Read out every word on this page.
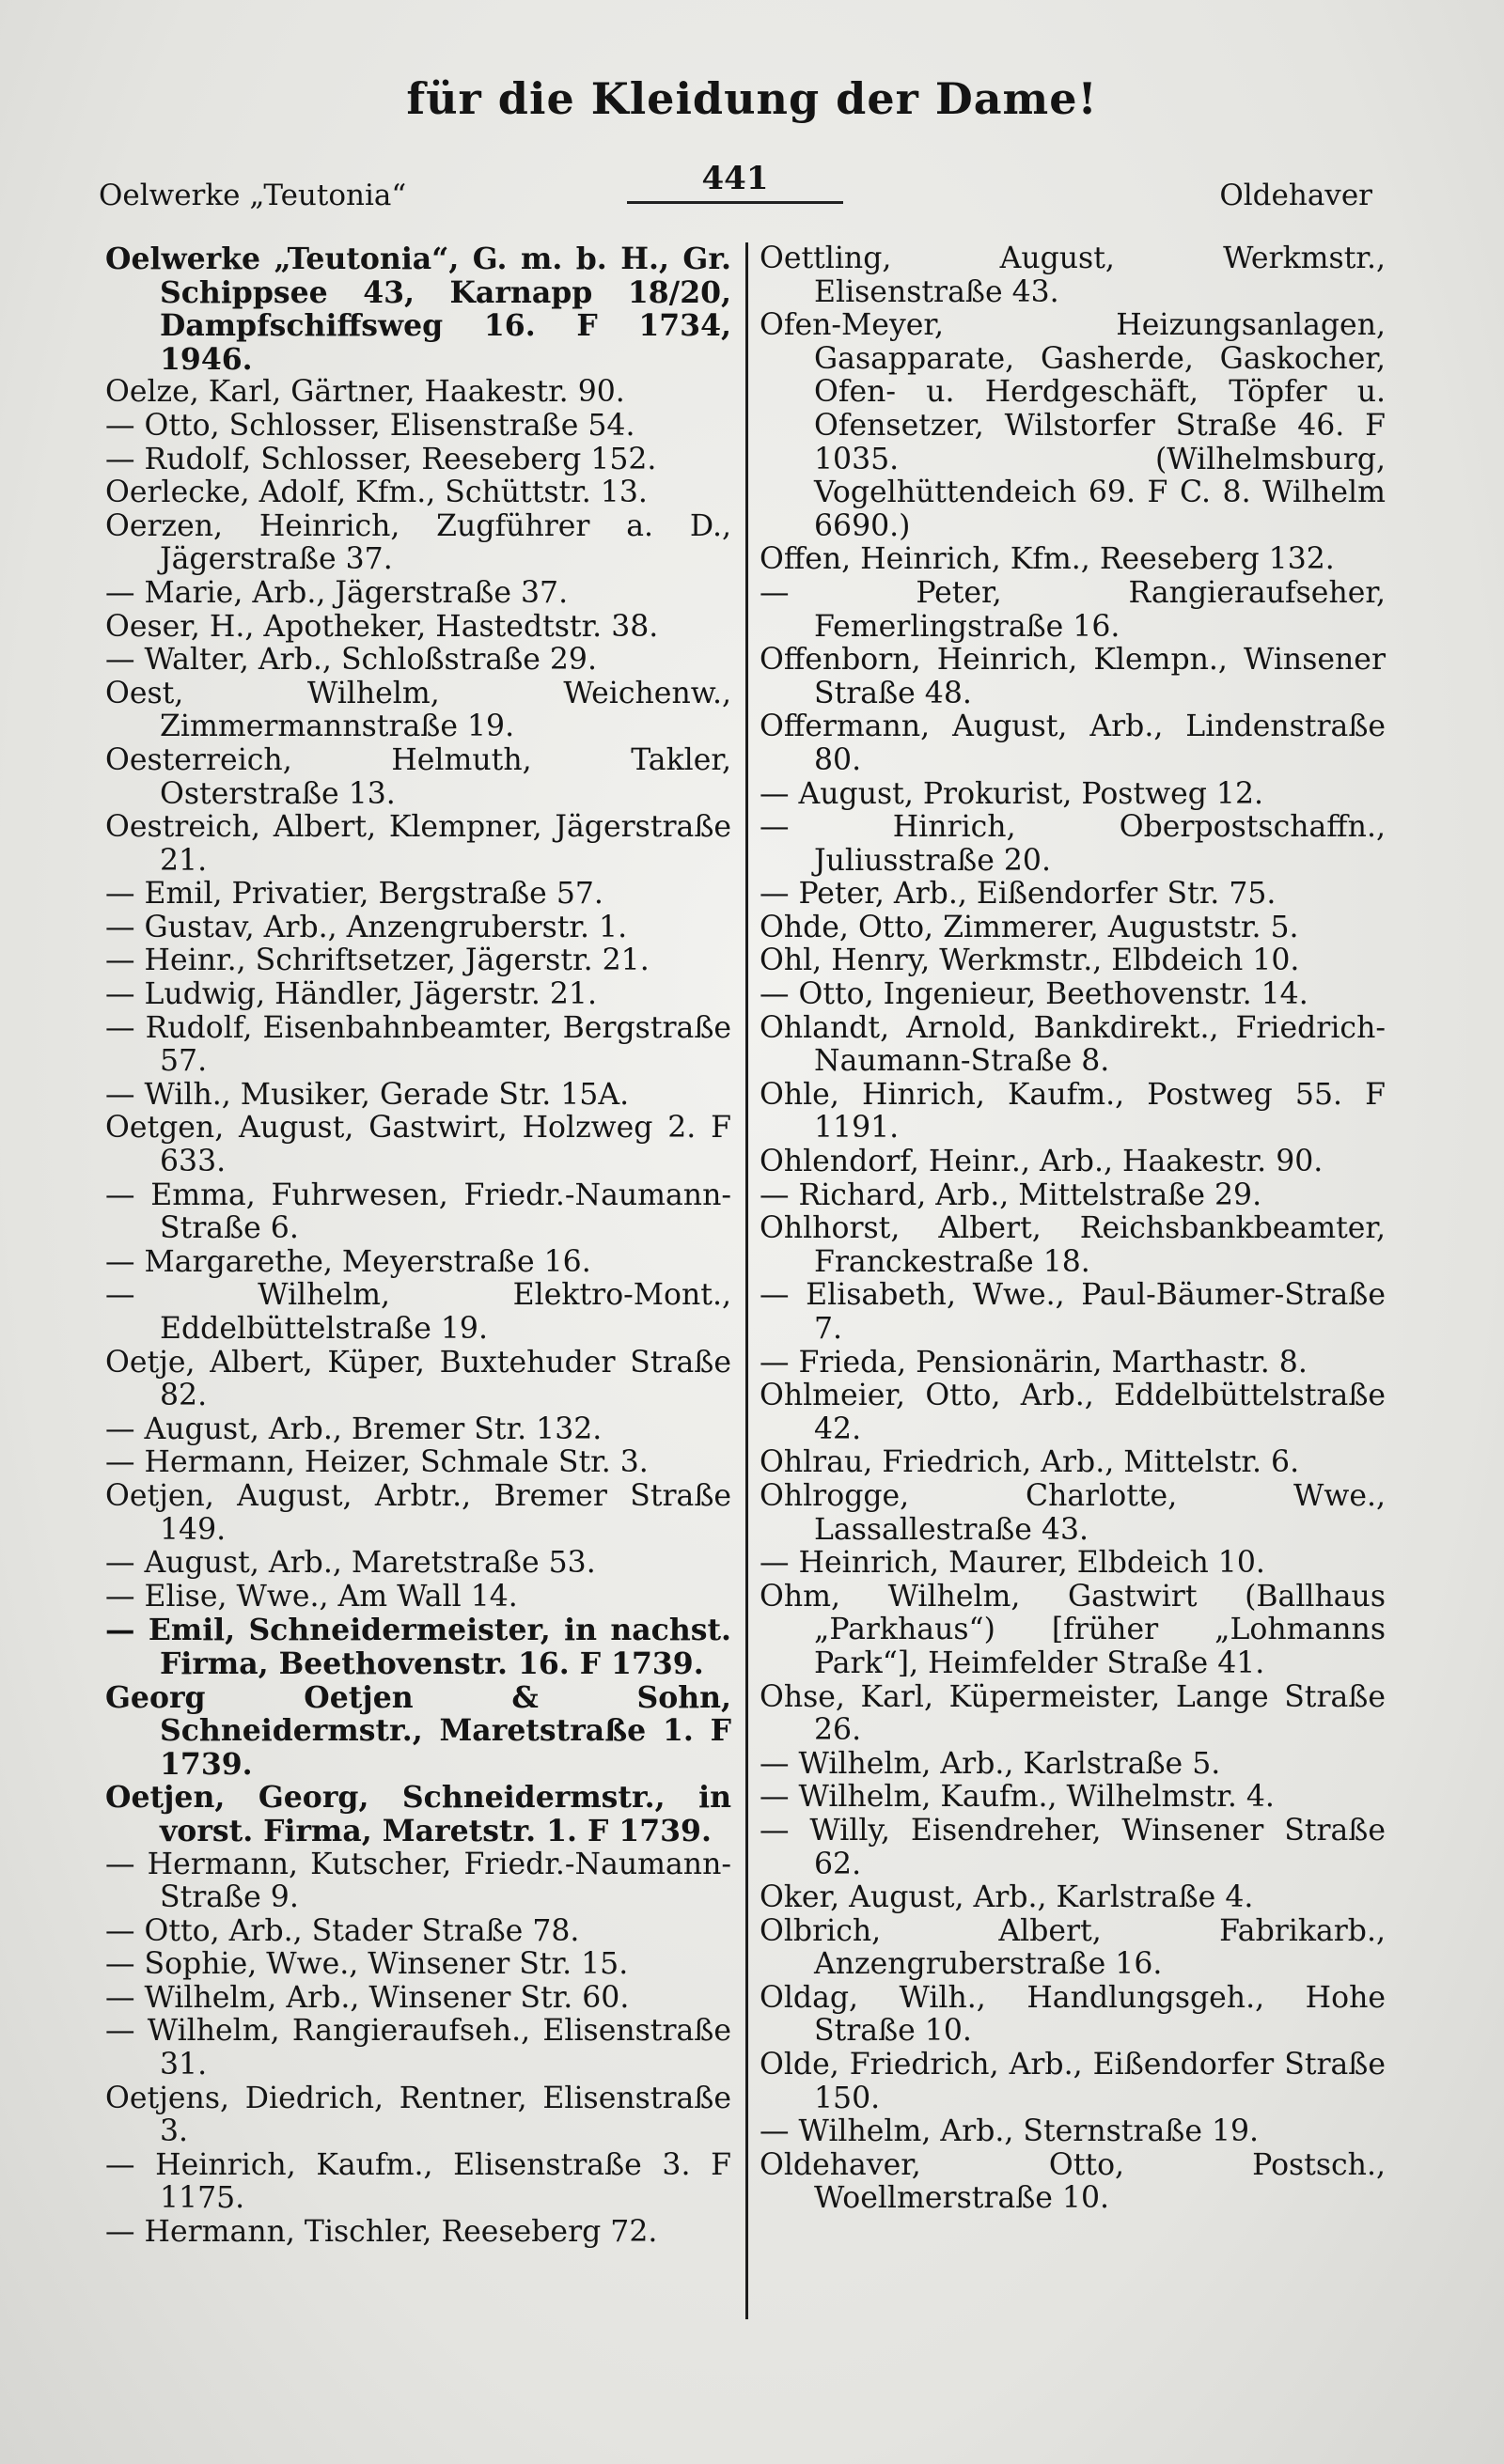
für die Kleidung der Dame!
Oelwerke „Teutonia“	441	Oldehaver

Oelwerke „Teutonia“, G. m. b. H., Gr. Schippsee 43, Karnapp 18/20, Dampfschiffsweg 16. F 1734, 1946.

Oelze, Karl, Gärtner, Haakestr. 90.

— Otto, Schlosser, Elisenstraße 54.

— Rudolf, Schlosser, Reeseberg 152.

Oerlecke, Adolf, Kfm., Schüttstr. 13.

Oerzen, Heinrich, Zugführer a. D., Jägerstraße 37.

— Marie, Arb., Jägerstraße 37.

Oeser, H., Apotheker, Hastedtstr. 38.

— Walter, Arb., Schloßstraße 29.

Oest, Wilhelm, Weichenw., Zimmermannstraße 19.

Oesterreich, Helmuth, Takler, Osterstraße 13.

Oestreich, Albert, Klempner, Jägerstraße 21.

— Emil, Privatier, Bergstraße 57.

— Gustav, Arb., Anzengruberstr. 1.

— Heinr., Schriftsetzer, Jägerstr. 21.

— Ludwig, Händler, Jägerstr. 21.

— Rudolf, Eisenbahnbeamter, Bergstraße 57.

— Wilh., Musiker, Gerade Str. 15A.

Oetgen, August, Gastwirt, Holzweg 2. F 633.

— Emma, Fuhrwesen, Friedr.-Naumann-Straße 6.

— Margarethe, Meyerstraße 16.

— Wilhelm, Elektro-Mont., Eddelbüttelstraße 19.

Oetje, Albert, Küper, Buxtehuder Straße 82.

— August, Arb., Bremer Str. 132.

— Hermann, Heizer, Schmale Str. 3.

Oetjen, August, Arbtr., Bremer Straße 149.

— August, Arb., Maretstraße 53.

— Elise, Wwe., Am Wall 14.

— Emil, Schneidermeister, in nachst. Firma, Beethovenstr. 16. F 1739.

Georg Oetjen & Sohn, Schneidermstr., Maretstraße 1. F 1739.

Oetjen, Georg, Schneidermstr., in vorst. Firma, Maretstr. 1. F 1739.

— Hermann, Kutscher, Friedr.-Naumann-Straße 9.

— Otto, Arb., Stader Straße 78.

— Sophie, Wwe., Winsener Str. 15.

— Wilhelm, Arb., Winsener Str. 60.

— Wilhelm, Rangieraufseh., Elisenstraße 31.

Oetjens, Diedrich, Rentner, Elisenstraße 3.

— Heinrich, Kaufm., Elisenstraße 3. F 1175.

— Hermann, Tischler, Reeseberg 72.

Oettling, August, Werkmstr., Elisenstraße 43.

Ofen-Meyer, Heizungsanlagen, Gasapparate, Gasherde, Gaskocher, Ofen- u. Herdgeschäft, Töpfer u. Ofensetzer, Wilstorfer Straße 46. F 1035. (Wilhelmsburg, Vogelhüttendeich 69. F C. 8. Wilhelm 6690.)

Offen, Heinrich, Kfm., Reeseberg 132.

— Peter, Rangieraufseher, Femerlingstraße 16.

Offenborn, Heinrich, Klempn., Winsener Straße 48.

Offermann, August, Arb., Lindenstraße 80.

— August, Prokurist, Postweg 12.

— Hinrich, Oberpostschaffn., Juliusstraße 20.

— Peter, Arb., Eißendorfer Str. 75.

Ohde, Otto, Zimmerer, Auguststr. 5.

Ohl, Henry, Werkmstr., Elbdeich 10.

— Otto, Ingenieur, Beethovenstr. 14.

Ohlandt, Arnold, Bankdirekt., Friedrich-Naumann-Straße 8.

Ohle, Hinrich, Kaufm., Postweg 55. F 1191.

Ohlendorf, Heinr., Arb., Haakestr. 90.

— Richard, Arb., Mittelstraße 29.

Ohlhorst, Albert, Reichsbankbeamter, Franckestraße 18.

— Elisabeth, Wwe., Paul-Bäumer-Straße 7.

— Frieda, Pensionärin, Marthastr. 8.

Ohlmeier, Otto, Arb., Eddelbüttelstraße 42.

Ohlrau, Friedrich, Arb., Mittelstr. 6.

Ohlrogge, Charlotte, Wwe., Lassallestraße 43.

— Heinrich, Maurer, Elbdeich 10.

Ohm, Wilhelm, Gastwirt (Ballhaus „Parkhaus“) [früher „Lohmanns Park“], Heimfelder Straße 41.

Ohse, Karl, Küpermeister, Lange Straße 26.

— Wilhelm, Arb., Karlstraße 5.

— Wilhelm, Kaufm., Wilhelmstr. 4.

— Willy, Eisendreher, Winsener Straße 62.

Oker, August, Arb., Karlstraße 4.

Olbrich, Albert, Fabrikarb., Anzengruberstraße 16.

Oldag, Wilh., Handlungsgeh., Hohe Straße 10.

Olde, Friedrich, Arb., Eißendorfer Straße 150.

— Wilhelm, Arb., Sternstraße 19.

Oldehaver, Otto, Postsch., Woellmerstraße 10.
